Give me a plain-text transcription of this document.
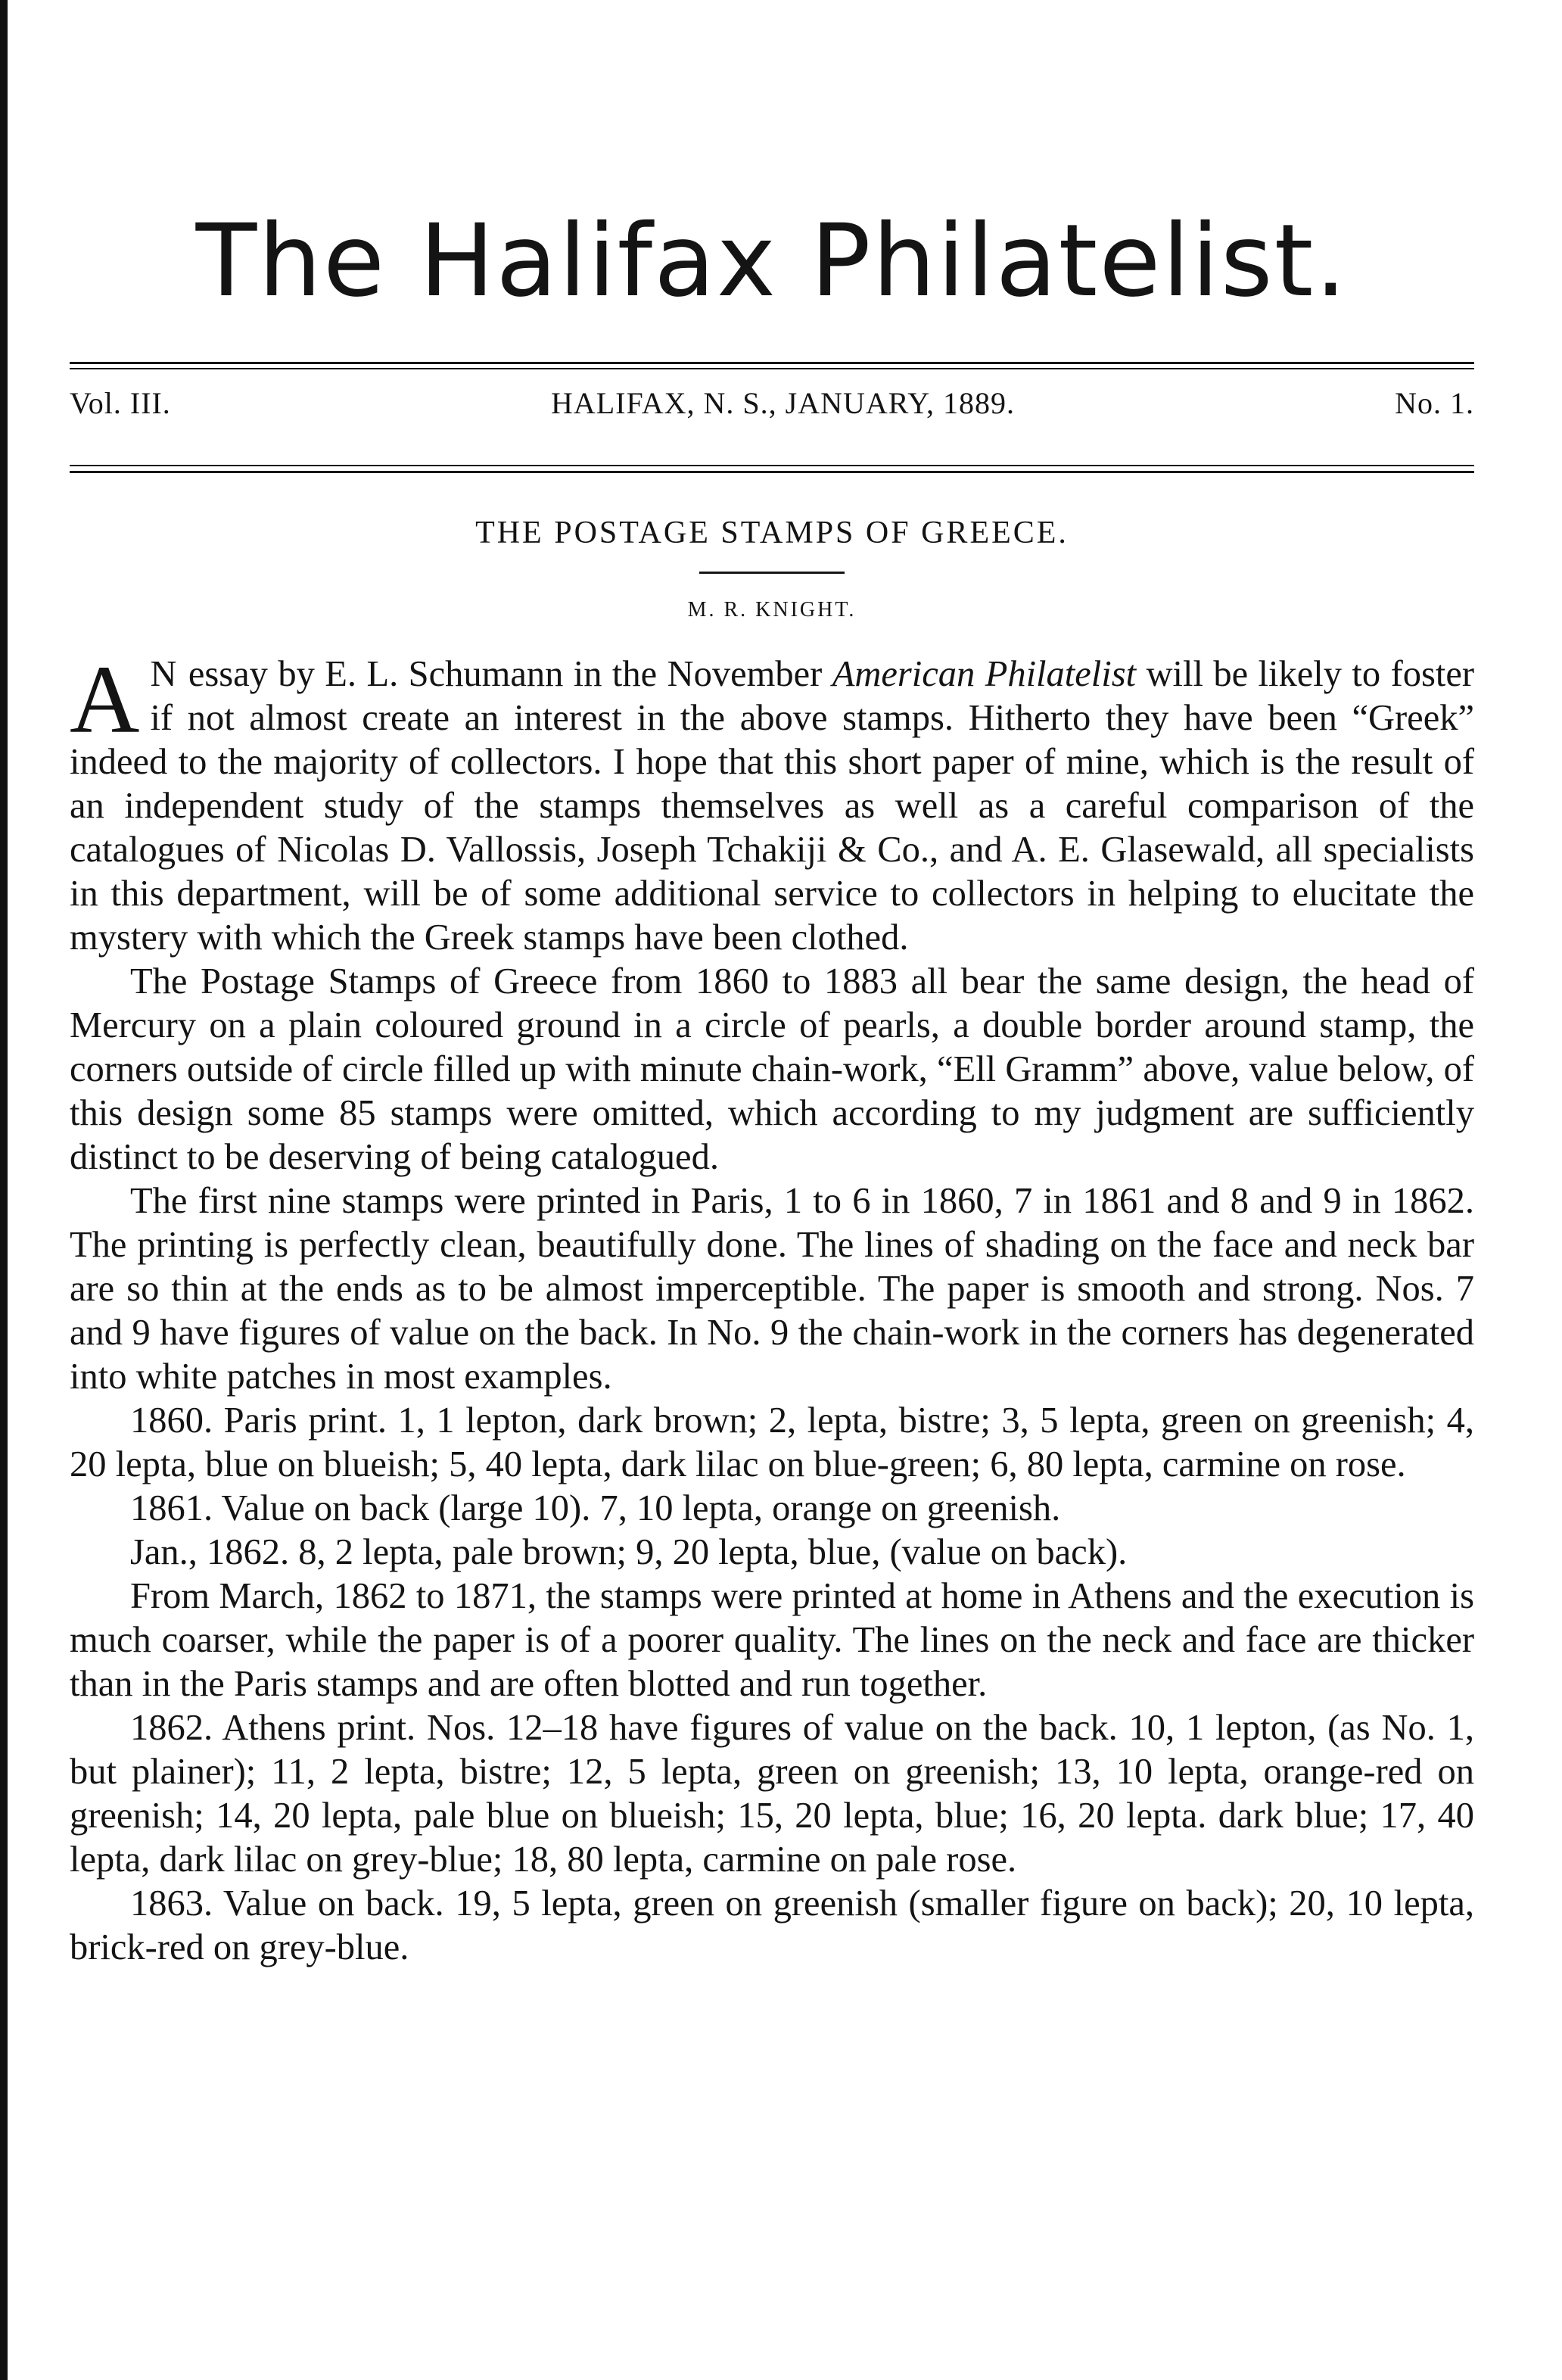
The Halifax Philatelist.
Vol. III.	HALIFAX, N. S., JANUARY, 1889.	No. 1.
THE POSTAGE STAMPS OF GREECE.
M. R. KNIGHT.

A N essay by E. L. Schumann in the November American Philatelist will be likely to foster if not almost create an interest in the above stamps. Hitherto they have been “Greek” indeed to the majority of collectors. I hope that this short paper of mine, which is the result of an independent study of the stamps themselves as well as a careful comparison of the catalogues of Nicolas D. Vallossis, Joseph Tchakiji & Co., and A. E. Glasewald, all specialists in this department, will be of some additional service to collectors in helping to elucitate the mystery with which the Greek stamps have been clothed.

The Postage Stamps of Greece from 1860 to 1883 all bear the same design, the head of Mercury on a plain coloured ground in a circle of pearls, a double border around stamp, the corners outside of circle filled up with minute chain-work, “Ell Gramm” above, value below, of this design some 85 stamps were omitted, which according to my judgment are sufficiently distinct to be deserving of being catalogued.

The first nine stamps were printed in Paris, 1 to 6 in 1860, 7 in 1861 and 8 and 9 in 1862. The printing is perfectly clean, beautifully done. The lines of shading on the face and neck bar are so thin at the ends as to be almost imperceptible. The paper is smooth and strong. Nos. 7 and 9 have figures of value on the back. In No. 9 the chain-work in the corners has degenerated into white patches in most examples.

1860. Paris print. 1, 1 lepton, dark brown; 2, lepta, bistre; 3, 5 lepta, green on greenish; 4, 20 lepta, blue on blueish; 5, 40 lepta, dark lilac on blue-green; 6, 80 lepta, carmine on rose.

1861. Value on back (large 10). 7, 10 lepta, orange on greenish.

Jan., 1862. 8, 2 lepta, pale brown; 9, 20 lepta, blue, (value on back).

From March, 1862 to 1871, the stamps were printed at home in Athens and the execution is much coarser, while the paper is of a poorer quality. The lines on the neck and face are thicker than in the Paris stamps and are often blotted and run together.

1862. Athens print. Nos. 12–18 have figures of value on the back. 10, 1 lepton, (as No. 1, but plainer); 11, 2 lepta, bistre; 12, 5 lepta, green on greenish; 13, 10 lepta, orange-red on greenish; 14, 20 lepta, pale blue on blueish; 15, 20 lepta, blue; 16, 20 lepta. dark blue; 17, 40 lepta, dark lilac on grey-blue; 18, 80 lepta, carmine on pale rose.

1863. Value on back. 19, 5 lepta, green on greenish (smaller figure on back); 20, 10 lepta, brick-red on grey-blue.
